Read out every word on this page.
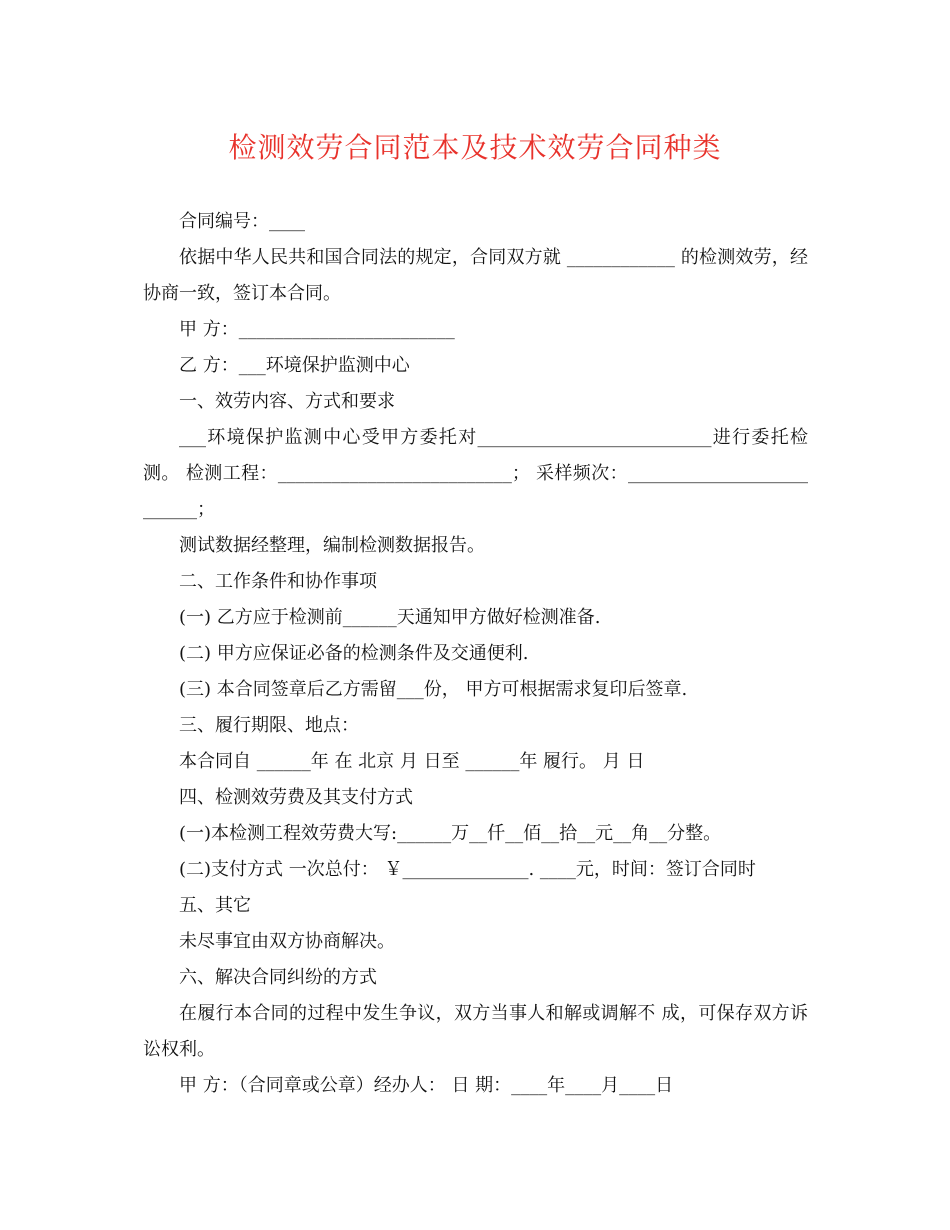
检测效劳合同范本及技术效劳合同种类

合同编号：____

依据中华人民共和国合同法的规定，合同双方就 ____________ 的检测效劳，经协商一致，签订本合同。

甲 方：________________________

乙 方：___环境保护监测中心

一、效劳内容、方式和要求

___环境保护监测中心受甲方委托对__________________________进行委托检测。 检测工程：__________________________； 采样频次：__________________________；

测试数据经整理，编制检测数据报告。

二、工作条件和协作事项

(一) 乙方应于检测前______天通知甲方做好检测准备.

(二) 甲方应保证必备的检测条件及交通便利.

(三) 本合同签章后乙方需留___份， 甲方可根据需求复印后签章.

三、履行期限、地点：

本合同自 ______年 在 北京 月 日至 ______年 履行。 月 日

四、检测效劳费及其支付方式

(一)本检测工程效劳费大写:______万__仟__佰__拾__元__角__分整。

(二)支付方式 一次总付： ￥______________. ____元，时间：签订合同时

五、其它

未尽事宜由双方协商解决。

六、解决合同纠纷的方式

在履行本合同的过程中发生争议，双方当事人和解或调解不 成，可保存双方诉讼权利。

甲 方：（合同章或公章）经办人： 日 期：____年____月____日
